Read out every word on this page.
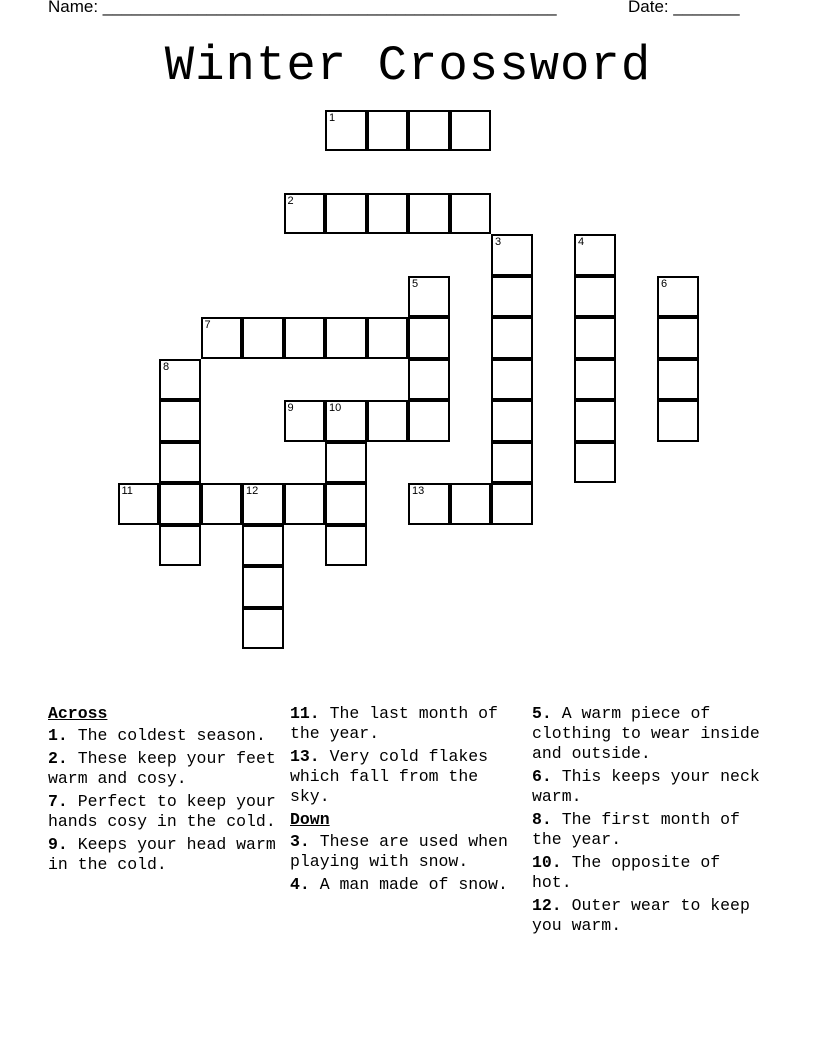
Name: ________________________________________________	Date: _______
Winter Crossword
1
2
3	4
5	6
7
8
9	10
11	12	13
Across
1. The coldest season.
2. These keep your feet warm and cosy.
7. Perfect to keep your hands cosy in the cold.
9. Keeps your head warm in the cold.
11. The last month of the year.
13. Very cold flakes which fall from the sky.
Down
3. These are used when playing with snow.
4. A man made of snow.
5. A warm piece of clothing to wear inside and outside.
6. This keeps your neck warm.
8. The first month of the year.
10. The opposite of hot.
12. Outer wear to keep you warm.
